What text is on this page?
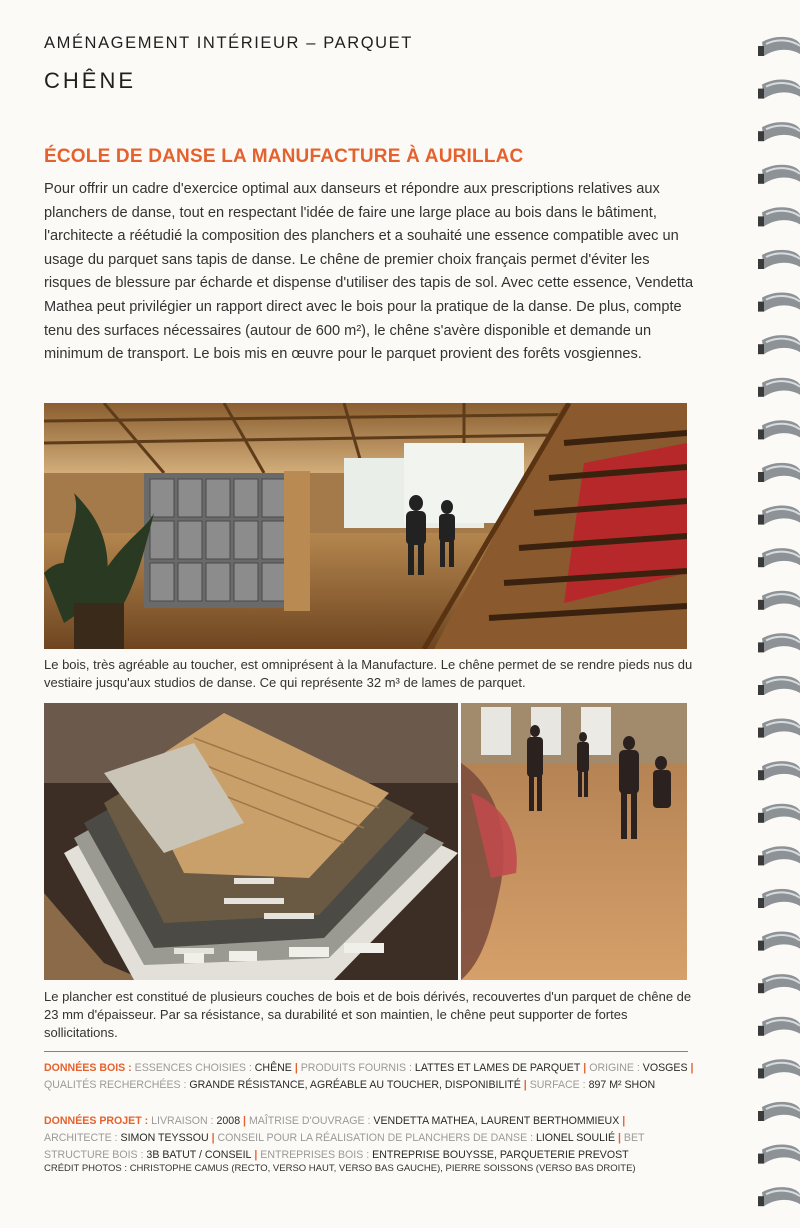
AMÉNAGEMENT INTÉRIEUR – PARQUET
CHÊNE
ÉCOLE DE DANSE LA MANUFACTURE À AURILLAC

Pour offrir un cadre d'exercice optimal aux danseurs et répondre aux prescriptions relatives aux planchers de danse, tout en respectant l'idée de faire une large place au bois dans le bâtiment, l'architecte a réétudié la composition des planchers et a souhaité une essence compatible avec un usage du parquet sans tapis de danse. Le chêne de premier choix français permet d'éviter les risques de blessure par écharde et dispense d'utiliser des tapis de sol. Avec cette essence, Vendetta Mathea peut privilégier un rapport direct avec le bois pour la pratique de la danse. De plus, compte tenu des surfaces nécessaires (autour de 600 m²), le chêne s'avère disponible et demande un minimum de transport. Le bois mis en œuvre pour le parquet provient des forêts vosgiennes.

Le bois, très agréable au toucher, est omniprésent à la Manufacture. Le chêne permet de se rendre pieds nus du vestiaire jusqu'aux studios de danse. Ce qui représente 32 m³ de lames de parquet.

Le plancher est constitué de plusieurs couches de bois et de bois dérivés, recouvertes d'un parquet de chêne de 23 mm d'épaisseur. Par sa résistance, sa durabilité et son maintien, le chêne peut supporter de fortes sollicitations.

DONNÉES BOIS : ESSENCES CHOISIES : CHÊNE | PRODUITS FOURNIS : LATTES ET LAMES DE PARQUET | ORIGINE : VOSGES | QUALITÉS RECHERCHÉES : GRANDE RÉSISTANCE, AGRÉABLE AU TOUCHER, DISPONIBILITÉ | SURFACE : 897 M² SHON

DONNÉES PROJET : LIVRAISON : 2008 | MAÎTRISE D'OUVRAGE : VENDETTA MATHEA, LAURENT BERTHOMMIEUX | ARCHITECTE : SIMON TEYSSOU | CONSEIL POUR LA RÉALISATION DE PLANCHERS DE DANSE : LIONEL SOULIÉ | BET STRUCTURE BOIS : 3B BATUT / CONSEIL | ENTREPRISES BOIS : ENTREPRISE BOUYSSE, PARQUETERIE PREVOST

CRÉDIT PHOTOS : CHRISTOPHE CAMUS (RECTO, VERSO HAUT, VERSO BAS GAUCHE), PIERRE SOISSONS (VERSO BAS DROITE)
